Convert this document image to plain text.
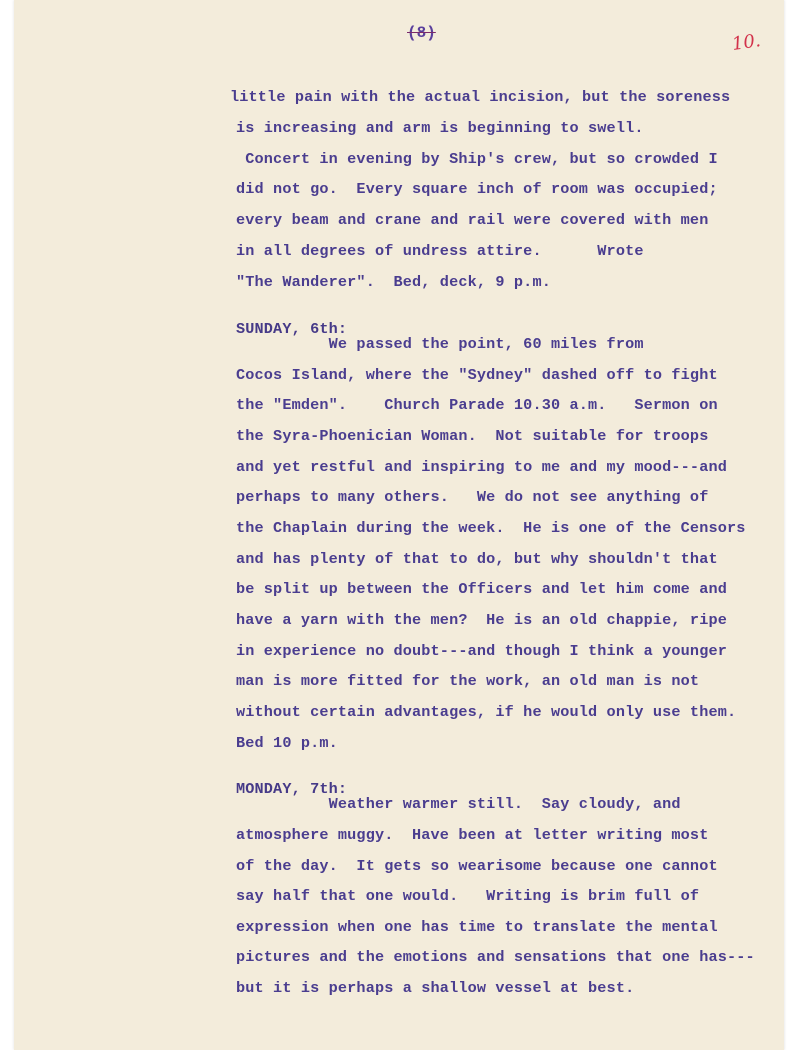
(8)	10.
little pain with the actual incision, but the soreness
is increasing and arm is beginning to swell.
Concert in evening by Ship's crew, but so crowded I
did not go.  Every square inch of room was occupied;
every beam and crane and rail were covered with men
in all degrees of undress attire.      Wrote
"The Wanderer".  Bed, deck, 9 p.m.
SUNDAY, 6th:
We passed the point, 60 miles from
Cocos Island, where the "Sydney" dashed off to fight
the "Emden".    Church Parade 10.30 a.m.   Sermon on
the Syra-Phoenician Woman.  Not suitable for troops
and yet restful and inspiring to me and my mood---and
perhaps to many others.   We do not see anything of
the Chaplain during the week.  He is one of the Censors
and has plenty of that to do, but why shouldn't that
be split up between the Officers and let him come and
have a yarn with the men?  He is an old chappie, ripe
in experience no doubt---and though I think a younger
man is more fitted for the work, an old man is not
without certain advantages, if he would only use them.
Bed 10 p.m.
MONDAY, 7th:
Weather warmer still.  Say cloudy, and
atmosphere muggy.  Have been at letter writing most
of the day.  It gets so wearisome because one cannot
say half that one would.   Writing is brim full of
expression when one has time to translate the mental
pictures and the emotions and sensations that one has---
but it is perhaps a shallow vessel at best.
